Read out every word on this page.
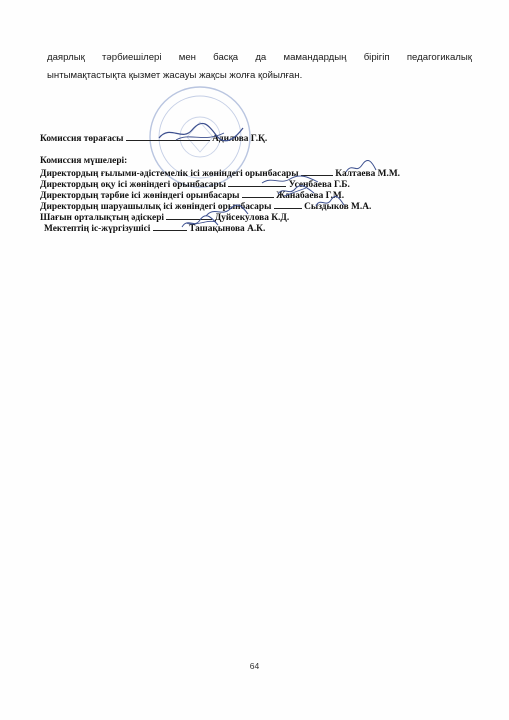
даярлық тәрбиешілері мен басқа да мамандардың бірігіп педагогикалық
ынтымақтастықта қызмет жасауы жақсы жолға қойылған.
Комиссия төрағасы	Адилова Г.Қ.
Комиссия мүшелері:
Директордың ғылыми-әдістемелік ісі жөніндегі орынбасары	Калтаева М.М.
Директордың оқу ісі жөніндегі орынбасары	Усенбаева Г.Б.
Директордың тәрбие ісі жөніндегі орынбасары	Жанабаева Г.М.
Директордың шаруашылық ісі жөніндегі орынбасары	Сыздыков М.А.
Шағын орталықтың әдіскері	Дуйсекулова К.Д.
Мектептің іс-жүргізушісі	Ташақынова А.К.
64
